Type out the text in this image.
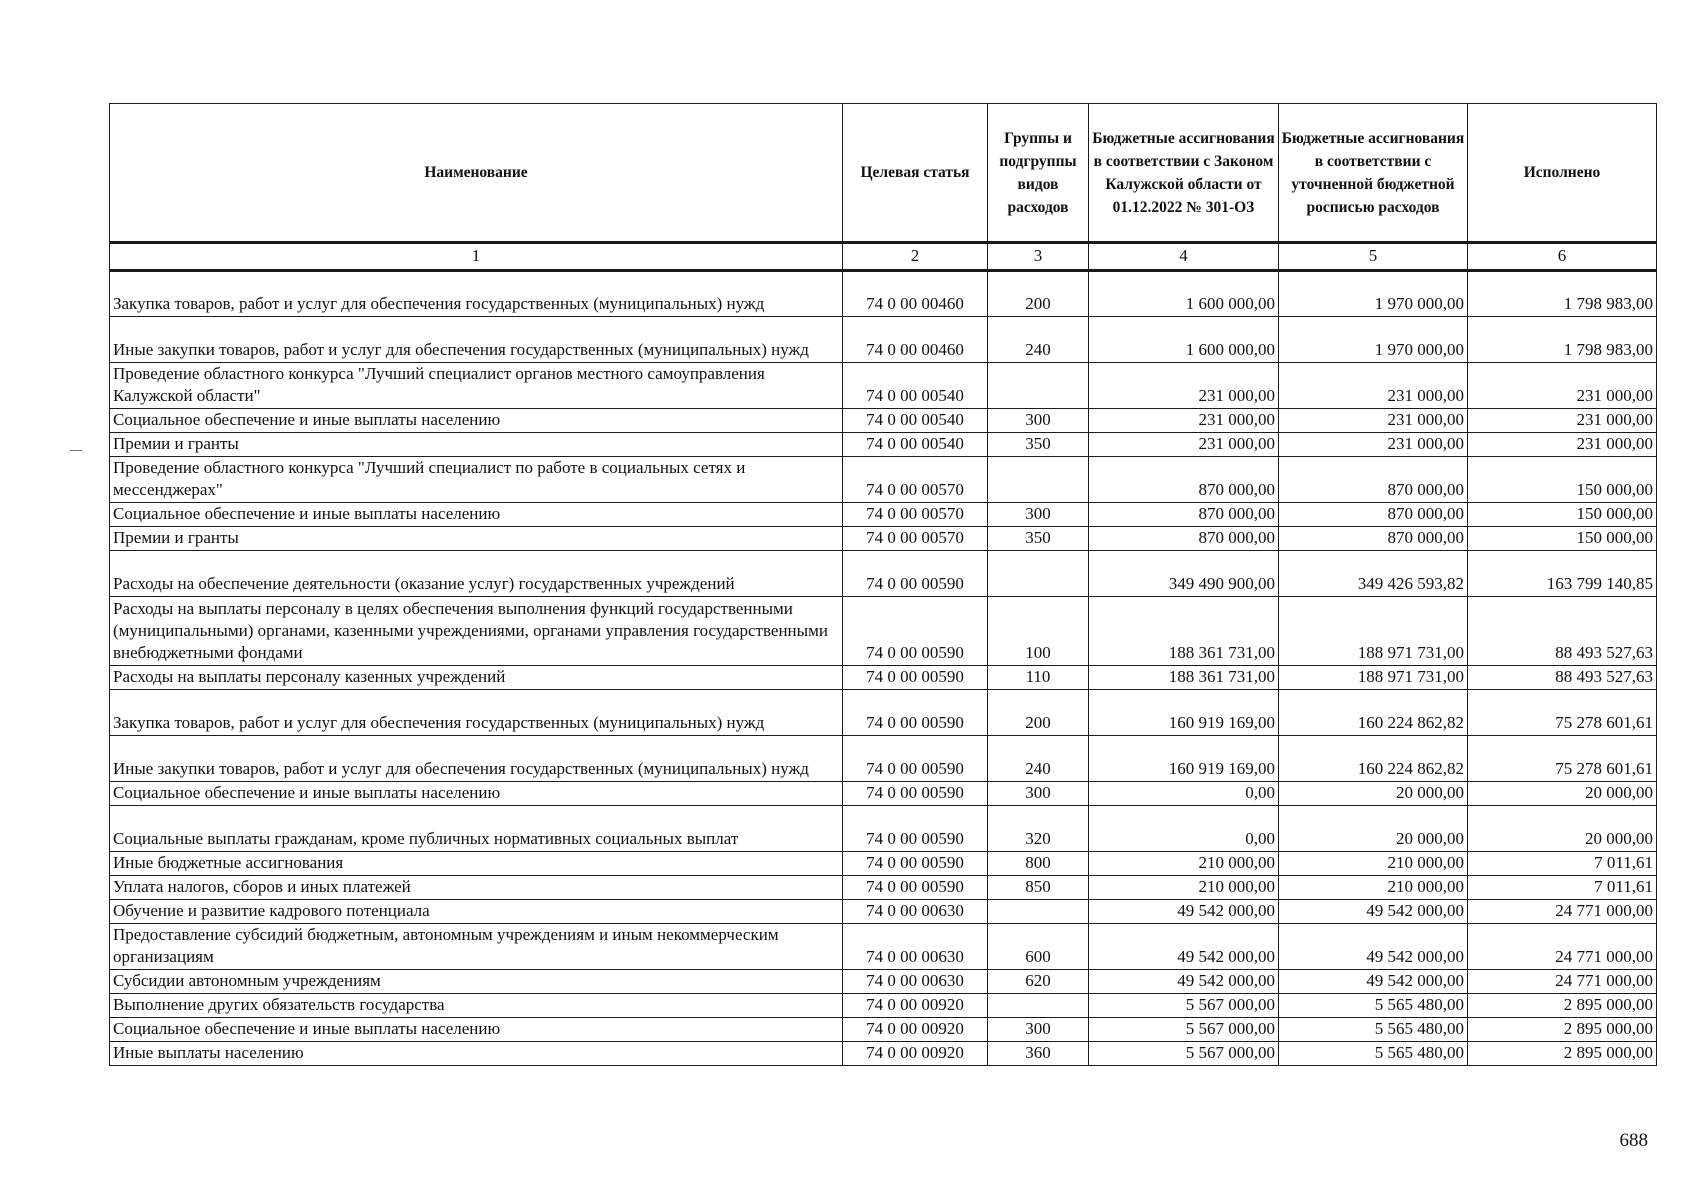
Наименование	Целевая статья	Группы и подгруппы видов расходов	Бюджетные ассигнования в соответствии с Законом Калужской области от 01.12.2022 № 301-ОЗ	Бюджетные ассигнования в соответствии с уточненной бюджетной росписью расходов	Исполнено
1	2	3	4	5	6
Закупка товаров, работ и услуг для обеспечения государственных (муниципальных) нужд	74 0 00 00460	200	1 600 000,00	1 970 000,00	1 798 983,00
Иные закупки товаров, работ и услуг для обеспечения государственных (муниципальных) нужд	74 0 00 00460	240	1 600 000,00	1 970 000,00	1 798 983,00
Проведение областного конкурса "Лучший специалист органов местного самоуправления Калужской области"	74 0 00 00540		231 000,00	231 000,00	231 000,00
Социальное обеспечение и иные выплаты населению	74 0 00 00540	300	231 000,00	231 000,00	231 000,00
Премии и гранты	74 0 00 00540	350	231 000,00	231 000,00	231 000,00
Проведение областного конкурса "Лучший специалист по работе в социальных сетях и мессенджерах"	74 0 00 00570		870 000,00	870 000,00	150 000,00
Социальное обеспечение и иные выплаты населению	74 0 00 00570	300	870 000,00	870 000,00	150 000,00
Премии и гранты	74 0 00 00570	350	870 000,00	870 000,00	150 000,00
Расходы на обеспечение деятельности (оказание услуг) государственных учреждений	74 0 00 00590		349 490 900,00	349 426 593,82	163 799 140,85
Расходы на выплаты персоналу в целях обеспечения выполнения функций государственными (муниципальными) органами, казенными учреждениями, органами управления государственными внебюджетными фондами	74 0 00 00590	100	188 361 731,00	188 971 731,00	88 493 527,63
Расходы на выплаты персоналу казенных учреждений	74 0 00 00590	110	188 361 731,00	188 971 731,00	88 493 527,63
Закупка товаров, работ и услуг для обеспечения государственных (муниципальных) нужд	74 0 00 00590	200	160 919 169,00	160 224 862,82	75 278 601,61
Иные закупки товаров, работ и услуг для обеспечения государственных (муниципальных) нужд	74 0 00 00590	240	160 919 169,00	160 224 862,82	75 278 601,61
Социальное обеспечение и иные выплаты населению	74 0 00 00590	300	0,00	20 000,00	20 000,00
Социальные выплаты гражданам, кроме публичных нормативных социальных выплат	74 0 00 00590	320	0,00	20 000,00	20 000,00
Иные бюджетные ассигнования	74 0 00 00590	800	210 000,00	210 000,00	7 011,61
Уплата налогов, сборов и иных платежей	74 0 00 00590	850	210 000,00	210 000,00	7 011,61
Обучение и развитие кадрового потенциала	74 0 00 00630		49 542 000,00	49 542 000,00	24 771 000,00
Предоставление субсидий бюджетным, автономным учреждениям и иным некоммерческим организациям	74 0 00 00630	600	49 542 000,00	49 542 000,00	24 771 000,00
Субсидии автономным учреждениям	74 0 00 00630	620	49 542 000,00	49 542 000,00	24 771 000,00
Выполнение других обязательств государства	74 0 00 00920		5 567 000,00	5 565 480,00	2 895 000,00
Социальное обеспечение и иные выплаты населению	74 0 00 00920	300	5 567 000,00	5 565 480,00	2 895 000,00
Иные выплаты населению	74 0 00 00920	360	5 567 000,00	5 565 480,00	2 895 000,00
688
